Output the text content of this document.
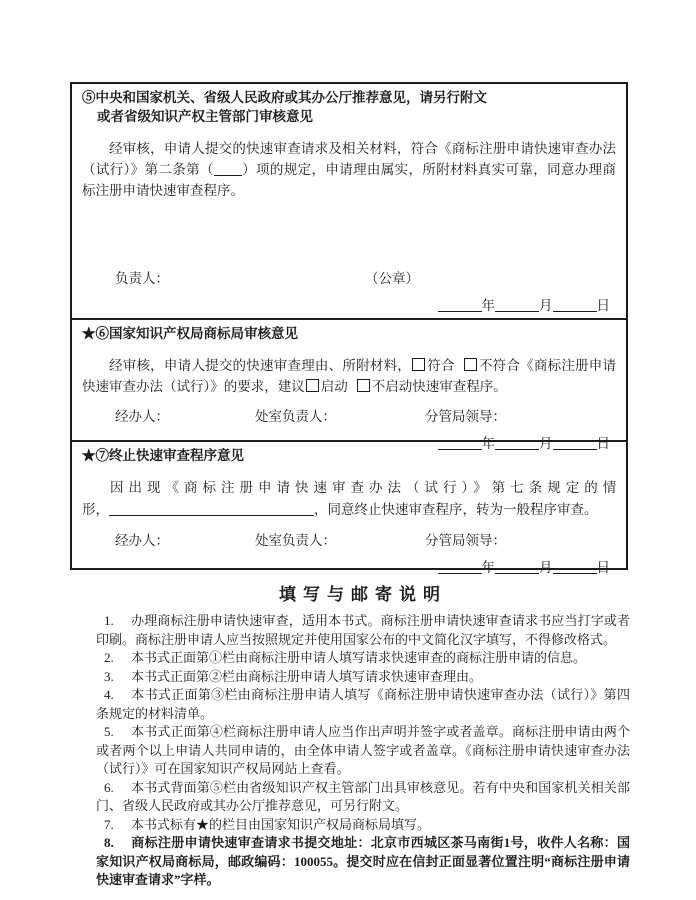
⑤中央和国家机关、省级人民政府或其办公厅推荐意见，请另行附文
或者省级知识产权主管部门审核意见

经审核，申请人提交的快速审查请求及相关材料，符合《商标注册申请快速审查办法（试行）》第二条第（ ）项的规定，申请理由属实，所附材料真实可靠，同意办理商标注册申请快速审查程序。

负责人：	（公章）
年	月	日
★⑥国家知识产权局商标局审核意见

经审核，申请人提交的快速审查理由、所附材料， 符合 不符合《商标注册申请快速审查办法（试行）》的要求，建议 启动 不启动快速审查程序。

经办人：	处室负责人：	分管局领导：
年	月	日
★⑦终止快速审查程序意见
因出现《商标注册申请快速审查办法（试行）》第七条规定的情
形，	，同意终止快速审查程序，转为一般程序审查。
经办人：	处室负责人：	分管局领导：
年	月	日
填写与邮寄说明

1. 办理商标注册申请快速审查，适用本书式。商标注册申请快速审查请求书应当打字或者印刷。商标注册申请人应当按照规定并使用国家公布的中文简化汉字填写，不得修改格式。

2. 本书式正面第①栏由商标注册申请人填写请求快速审查的商标注册申请的信息。

3. 本书式正面第②栏由商标注册申请人填写请求快速审查理由。

4. 本书式正面第③栏由商标注册申请人填写《商标注册申请快速审查办法（试行）》第四条规定的材料清单。

5. 本书式正面第④栏商标注册申请人应当作出声明并签字或者盖章。商标注册申请由两个或者两个以上申请人共同申请的，由全体申请人签字或者盖章。《商标注册申请快速审查办法（试行）》可在国家知识产权局网站上查看。

6. 本书式背面第⑤栏由省级知识产权主管部门出具审核意见。若有中央和国家机关相关部门、省级人民政府或其办公厅推荐意见，可另行附文。

7. 本书式标有★的栏目由国家知识产权局商标局填写。

8. 商标注册申请快速审查请求书提交地址：北京市西城区茶马南街1号，收件人名称：国家知识产权局商标局，邮政编码：100055。提交时应在信封正面显著位置注明“商标注册申请快速审查请求”字样。
